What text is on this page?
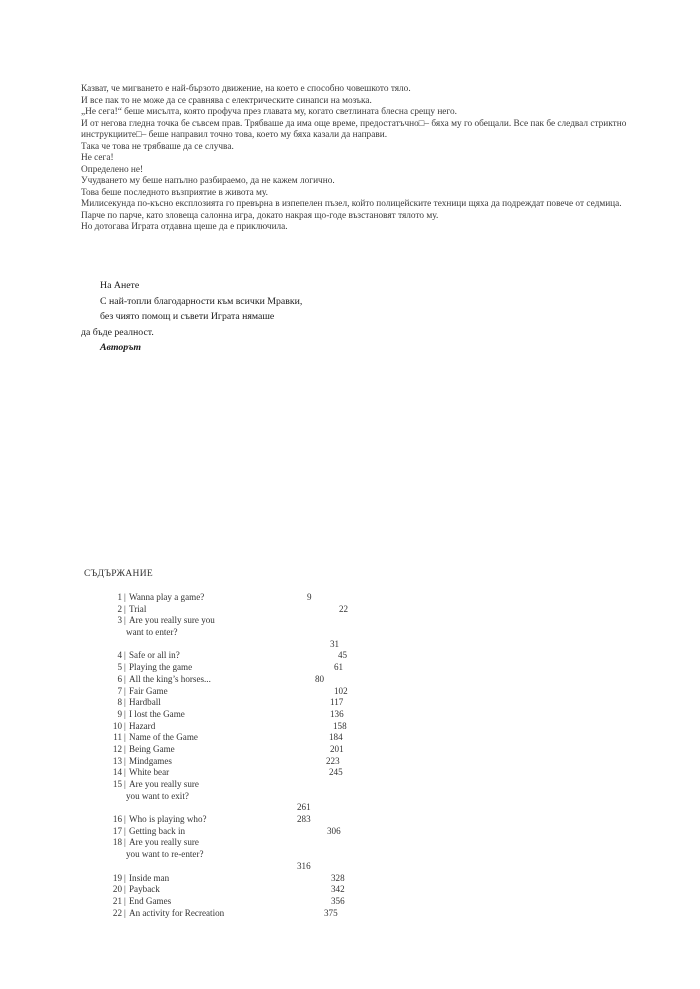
Казват, че мигването е най-бързото движение, на което е способно човешкото тяло.

И все пак то не може да се сравнява с електрическите синапси на мозъка.

„Не сега!“ беше мисълта, която профуча през главата му, когато светлината блесна срещу него.

И от негова гледна точка бе съвсем прав. Трябваше да има още време, предостатъчно□– бяха му го обещали. Все пак бе следвал стриктно инструкциите□– беше направил точно това, което му бяха казали да направи.

Така че това не трябваше да се случва.

Не сега!

Определено не!

Учудването му беше напълно разбираемо, да не кажем логично.

Това беше последното възприятие в живота му.

Милисекунда по-късно експлозията го превърна в изпепелен пъзел, който полицейските техници щяха да подреждат повече от седмица. Парче по парче, като зловеща салонна игра, докато накрая що-годе възстановят тялото му.

Но дотогава Играта отдавна щеше да е приключила.

На Анете

С най-топли благодарности към всички Мравки,

без чиято помощ и съвети Играта нямаше

да бъде реалност.

Авторът

СЪДЪРЖАНИЕ
1 | Wanna play a game?	9
2 | Trial	22
3 | Are you really sure you
want to enter?
31
4 | Safe or all in?	45
5 | Playing the game	61
6 | All the king’s horses...	80
7 | Fair Game	102
8 | Hardball	117
9 | I lost the Game	136
10 | Hazard	158
11 | Name of the Game	184
12 | Being Game	201
13 | Mindgames	223
14 | White bear	245
15 | Are you really sure
you want to exit?
261
16 | Who is playing who?	283
17 | Getting back in	306
18 | Are you really sure
you want to re-enter?
316
19 | Inside man	328
20 | Payback	342
21 | End Games	356
22 | An activity for Recreation	375
